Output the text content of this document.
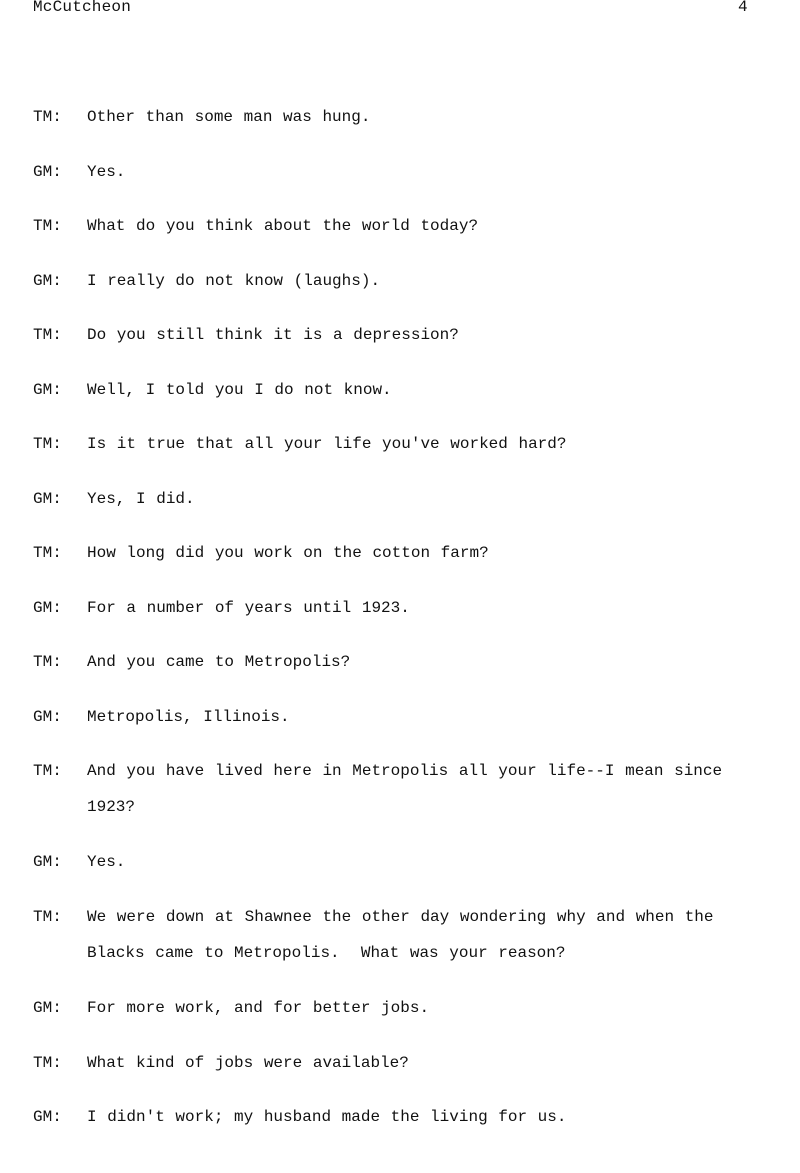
McCutcheon	4
TM: Other than some man was hung.
GM: Yes.
TM: What do you think about the world today?
GM: I really do not know (laughs).
TM: Do you still think it is a depression?
GM: Well, I told you I do not know.
TM: Is it true that all your life you've worked hard?
GM: Yes, I did.
TM: How long did you work on the cotton farm?
GM: For a number of years until 1923.
TM: And you came to Metropolis?
GM: Metropolis, Illinois.
TM: And you have lived here in Metropolis all your life--I mean since 1923?
GM: Yes.
TM: We were down at Shawnee the other day wondering why and when the Blacks came to Metropolis.  What was your reason?
GM: For more work, and for better jobs.
TM: What kind of jobs were available?
GM: I didn't work; my husband made the living for us.
